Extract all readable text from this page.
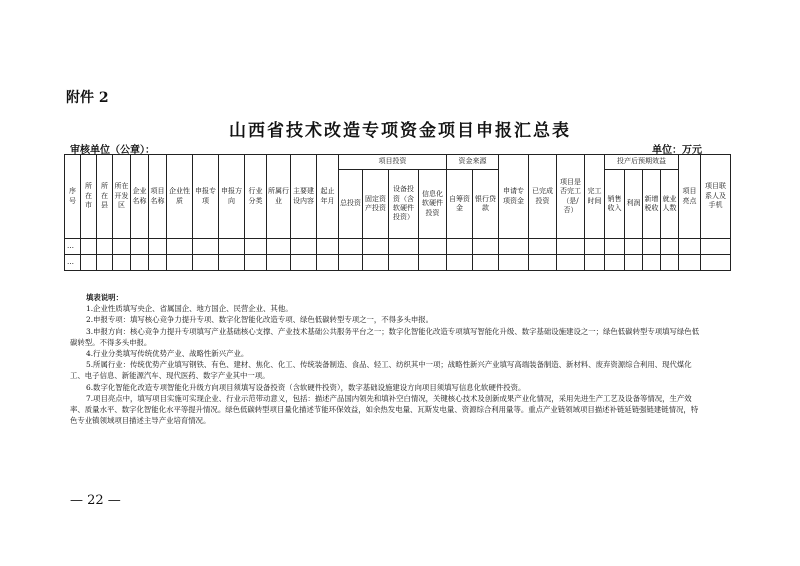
附件 2
山西省技术改造专项资金项目申报汇总表
审核单位（公章）：	单位：万元
序号	所在市	所在县	所在开发区	企业名称	项目名称	企业性质	申报专项	申报方向	行业分类	所属行业	主要建设内容	起止年月	项目投资				资金来源		申请专项资金	已完成投资	项目是否完工（是/否）	完工时间	投产后预期效益				项目亮点	项目联系人及手机
													总投资	固定资产投资	设备投资（含软硬件投资）	信息化软硬件投资	自筹资金	银行贷款					销售收入	利润	新增税收	就业人数		
…																												
…																												
填表说明：
1.企业性质填写央企、省属国企、地方国企、民营企业、其他。
2.申报专项：填写核心竞争力提升专项、数字化智能化改造专项、绿色低碳转型专项之一，不得多头申报。
3.申报方向：核心竞争力提升专项填写产业基础核心支撑、产业技术基础公共服务平台之一；数字化智能化改造专项填写智能化升级、数字基础设施建设之一；绿色低碳转型专项填写绿色低碳转型。不得多头申报。
4.行业分类填写传统优势产业、战略性新兴产业。
5.所属行业：传统优势产业填写钢铁、有色、建材、焦化、化工、传统装备制造、食品、轻工、纺织其中一项；战略性新兴产业填写高端装备制造、新材料、废弃资源综合利用、现代煤化工、电子信息、新能源汽车、现代医药、数字产业其中一项。
6.数字化智能化改造专项智能化升级方向项目须填写设备投资（含软硬件投资），数字基础设施建设方向项目须填写信息化软硬件投资。
7.项目亮点中，填写项目实施可实现企业、行业示范带动意义，包括：描述产品国内领先和填补空白情况，关键核心技术及创新成果产业化情况，采用先进生产工艺及设备等情况，生产效率、质量水平、数字化智能化水平等提升情况。绿色低碳转型项目量化描述节能环保效益，如余热发电量、瓦斯发电量、资源综合利用量等。重点产业链领域项目描述补链延链强链建链情况，特色专业镇领域项目描述主导产业培育情况。
— 22 —
